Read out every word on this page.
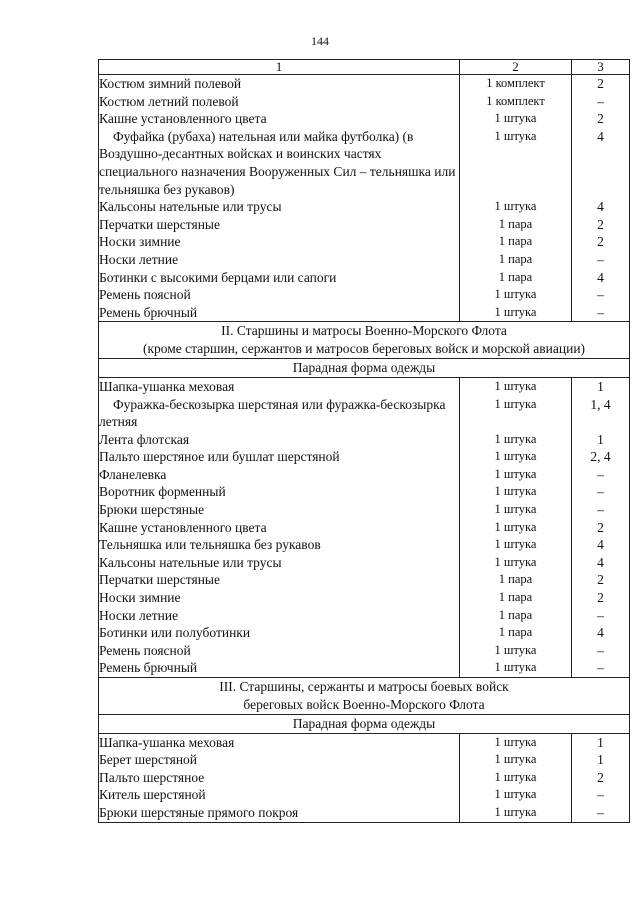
144
1	2	3
Костюм зимний полевой	1 комплект	2
Костюм летний полевой	1 комплект	–
Кашне установленного цвета	1 штука	2
Фуфайка (рубаха) нательная или майка футболка) (в Воздушно-десантных войсках и воинских частях специального назначения Вооруженных Сил – тельняшка или тельняшка без рукавов)	1 штука	4
Кальсоны нательные или трусы	1 штука	4
Перчатки шерстяные	1 пара	2
Носки зимние	1 пара	2
Носки летние	1 пара	–
Ботинки с высокими берцами или сапоги	1 пара	4
Ремень поясной	1 штука	–
Ремень брючный	1 штука	–

II. Старшины и матросы Военно-Морского Флота
(кроме старшин, сержантов и матросов береговых войск и морской авиации)		

Парадная форма одежды		
Шапка-ушанка меховая	1 штука	1
Фуражка-бескозырка шерстяная или фуражка-бескозырка летняя	1 штука	1, 4
Лента флотская	1 штука	1
Пальто шерстяное или бушлат шерстяной	1 штука	2, 4
Фланелевка	1 штука	–
Воротник форменный	1 штука	–
Брюки шерстяные	1 штука	–
Кашне установленного цвета	1 штука	2
Тельняшка или тельняшка без рукавов	1 штука	4
Кальсоны нательные или трусы	1 штука	4
Перчатки шерстяные	1 пара	2
Носки зимние	1 пара	2
Носки летние	1 пара	–
Ботинки или полуботинки	1 пара	4
Ремень поясной	1 штука	–
Ремень брючный	1 штука	–

III. Старшины, сержанты и матросы боевых войск
береговых войск Военно-Морского Флота		

Парадная форма одежды		
Шапка-ушанка меховая	1 штука	1
Берет шерстяной	1 штука	1
Пальто шерстяное	1 штука	2
Китель шерстяной	1 штука	–
Брюки шерстяные прямого покроя	1 штука	–
